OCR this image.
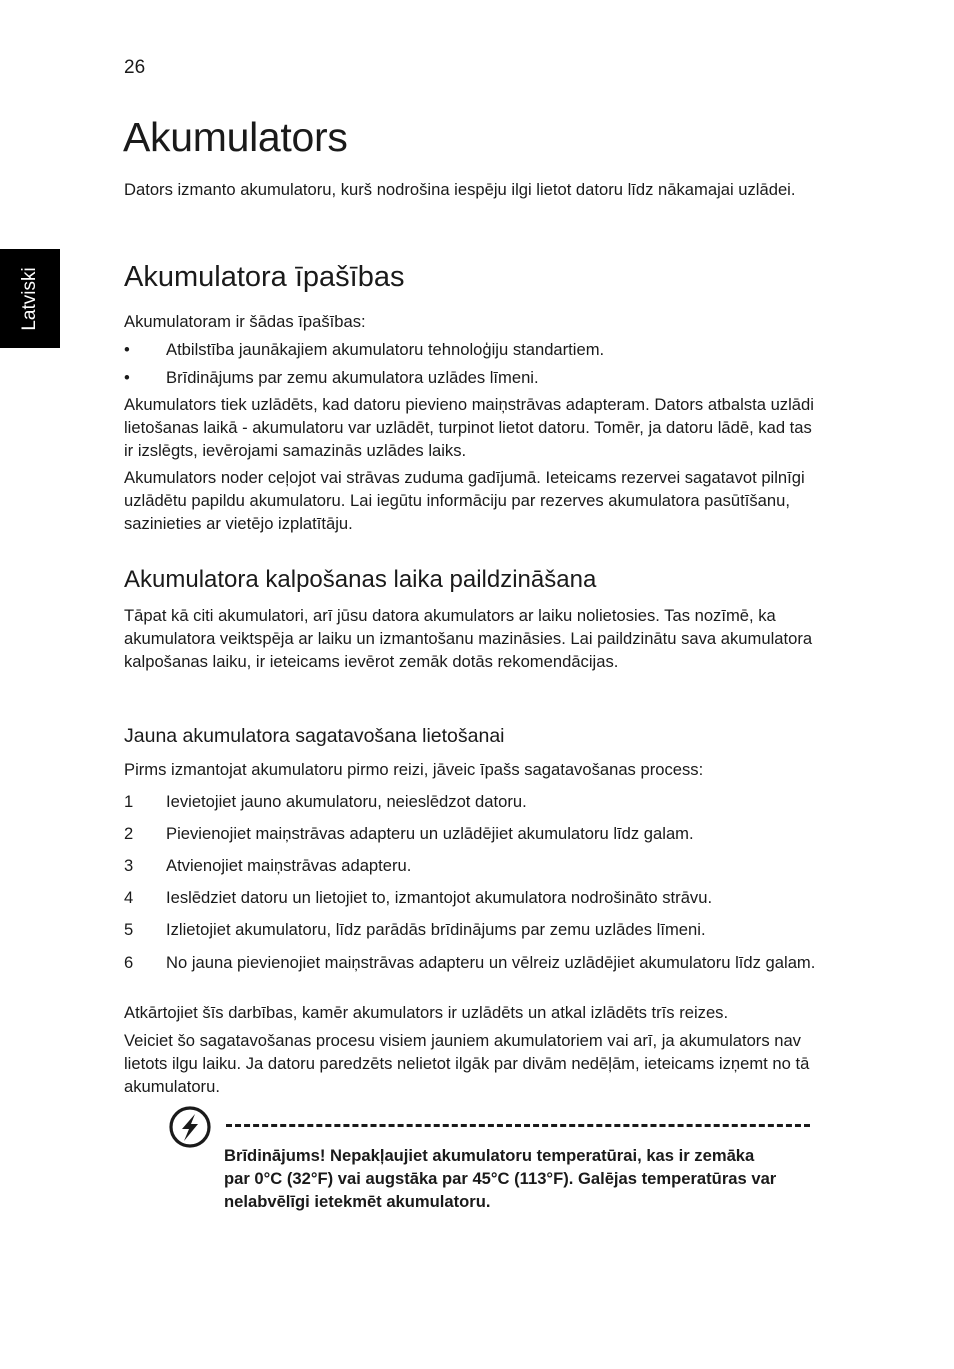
26
Latviski
Akumulators

Dators izmanto akumulatoru, kurš nodrošina iespēju ilgi lietot datoru līdz nākamajai uzlādei.

Akumulatora īpašības

Akumulatoram ir šādas īpašības:

• Atbilstība jaunākajiem akumulatoru tehnoloģiju standartiem.
• Brīdinājums par zemu akumulatora uzlādes līmeni.

Akumulators tiek uzlādēts, kad datoru pievieno maiņstrāvas adapteram. Dators atbalsta uzlādi lietošanas laikā - akumulatoru var uzlādēt, turpinot lietot datoru. Tomēr, ja datoru lādē, kad tas ir izslēgts, ievērojami samazinās uzlādes laiks.

Akumulators noder ceļojot vai strāvas zuduma gadījumā. Ieteicams rezervei sagatavot pilnīgi uzlādētu papildu akumulatoru. Lai iegūtu informāciju par rezerves akumulatora pasūtīšanu, sazinieties ar vietējo izplatītāju.

Akumulatora kalpošanas laika paildzināšana

Tāpat kā citi akumulatori, arī jūsu datora akumulators ar laiku nolietosies. Tas nozīmē, ka akumulatora veiktspēja ar laiku un izmantošanu mazināsies. Lai paildzinātu sava akumulatora kalpošanas laiku, ir ieteicams ievērot zemāk dotās rekomendācijas.

Jauna akumulatora sagatavošana lietošanai

Pirms izmantojat akumulatoru pirmo reizi, jāveic īpašs sagatavošanas process:

1 Ievietojiet jauno akumulatoru, neieslēdzot datoru.
2 Pievienojiet maiņstrāvas adapteru un uzlādējiet akumulatoru līdz galam.
3 Atvienojiet maiņstrāvas adapteru.
4 Ieslēdziet datoru un lietojiet to, izmantojot akumulatora nodrošināto strāvu.
5 Izlietojiet akumulatoru, līdz parādās brīdinājums par zemu uzlādes līmeni.
6 No jauna pievienojiet maiņstrāvas adapteru un vēlreiz uzlādējiet akumulatoru līdz galam.

Atkārtojiet šīs darbības, kamēr akumulators ir uzlādēts un atkal izlādēts trīs reizes.

Veiciet šo sagatavošanas procesu visiem jauniem akumulatoriem vai arī, ja akumulators nav lietots ilgu laiku. Ja datoru paredzēts nelietot ilgāk par divām nedēļām, ieteicams izņemt no tā akumulatoru.

Brīdinājums! Nepakļaujiet akumulatoru temperatūrai, kas ir zemāka par 0°C (32°F) vai augstāka par 45°C (113°F). Galējas temperatūras var nelabvēlīgi ietekmēt akumulatoru.
